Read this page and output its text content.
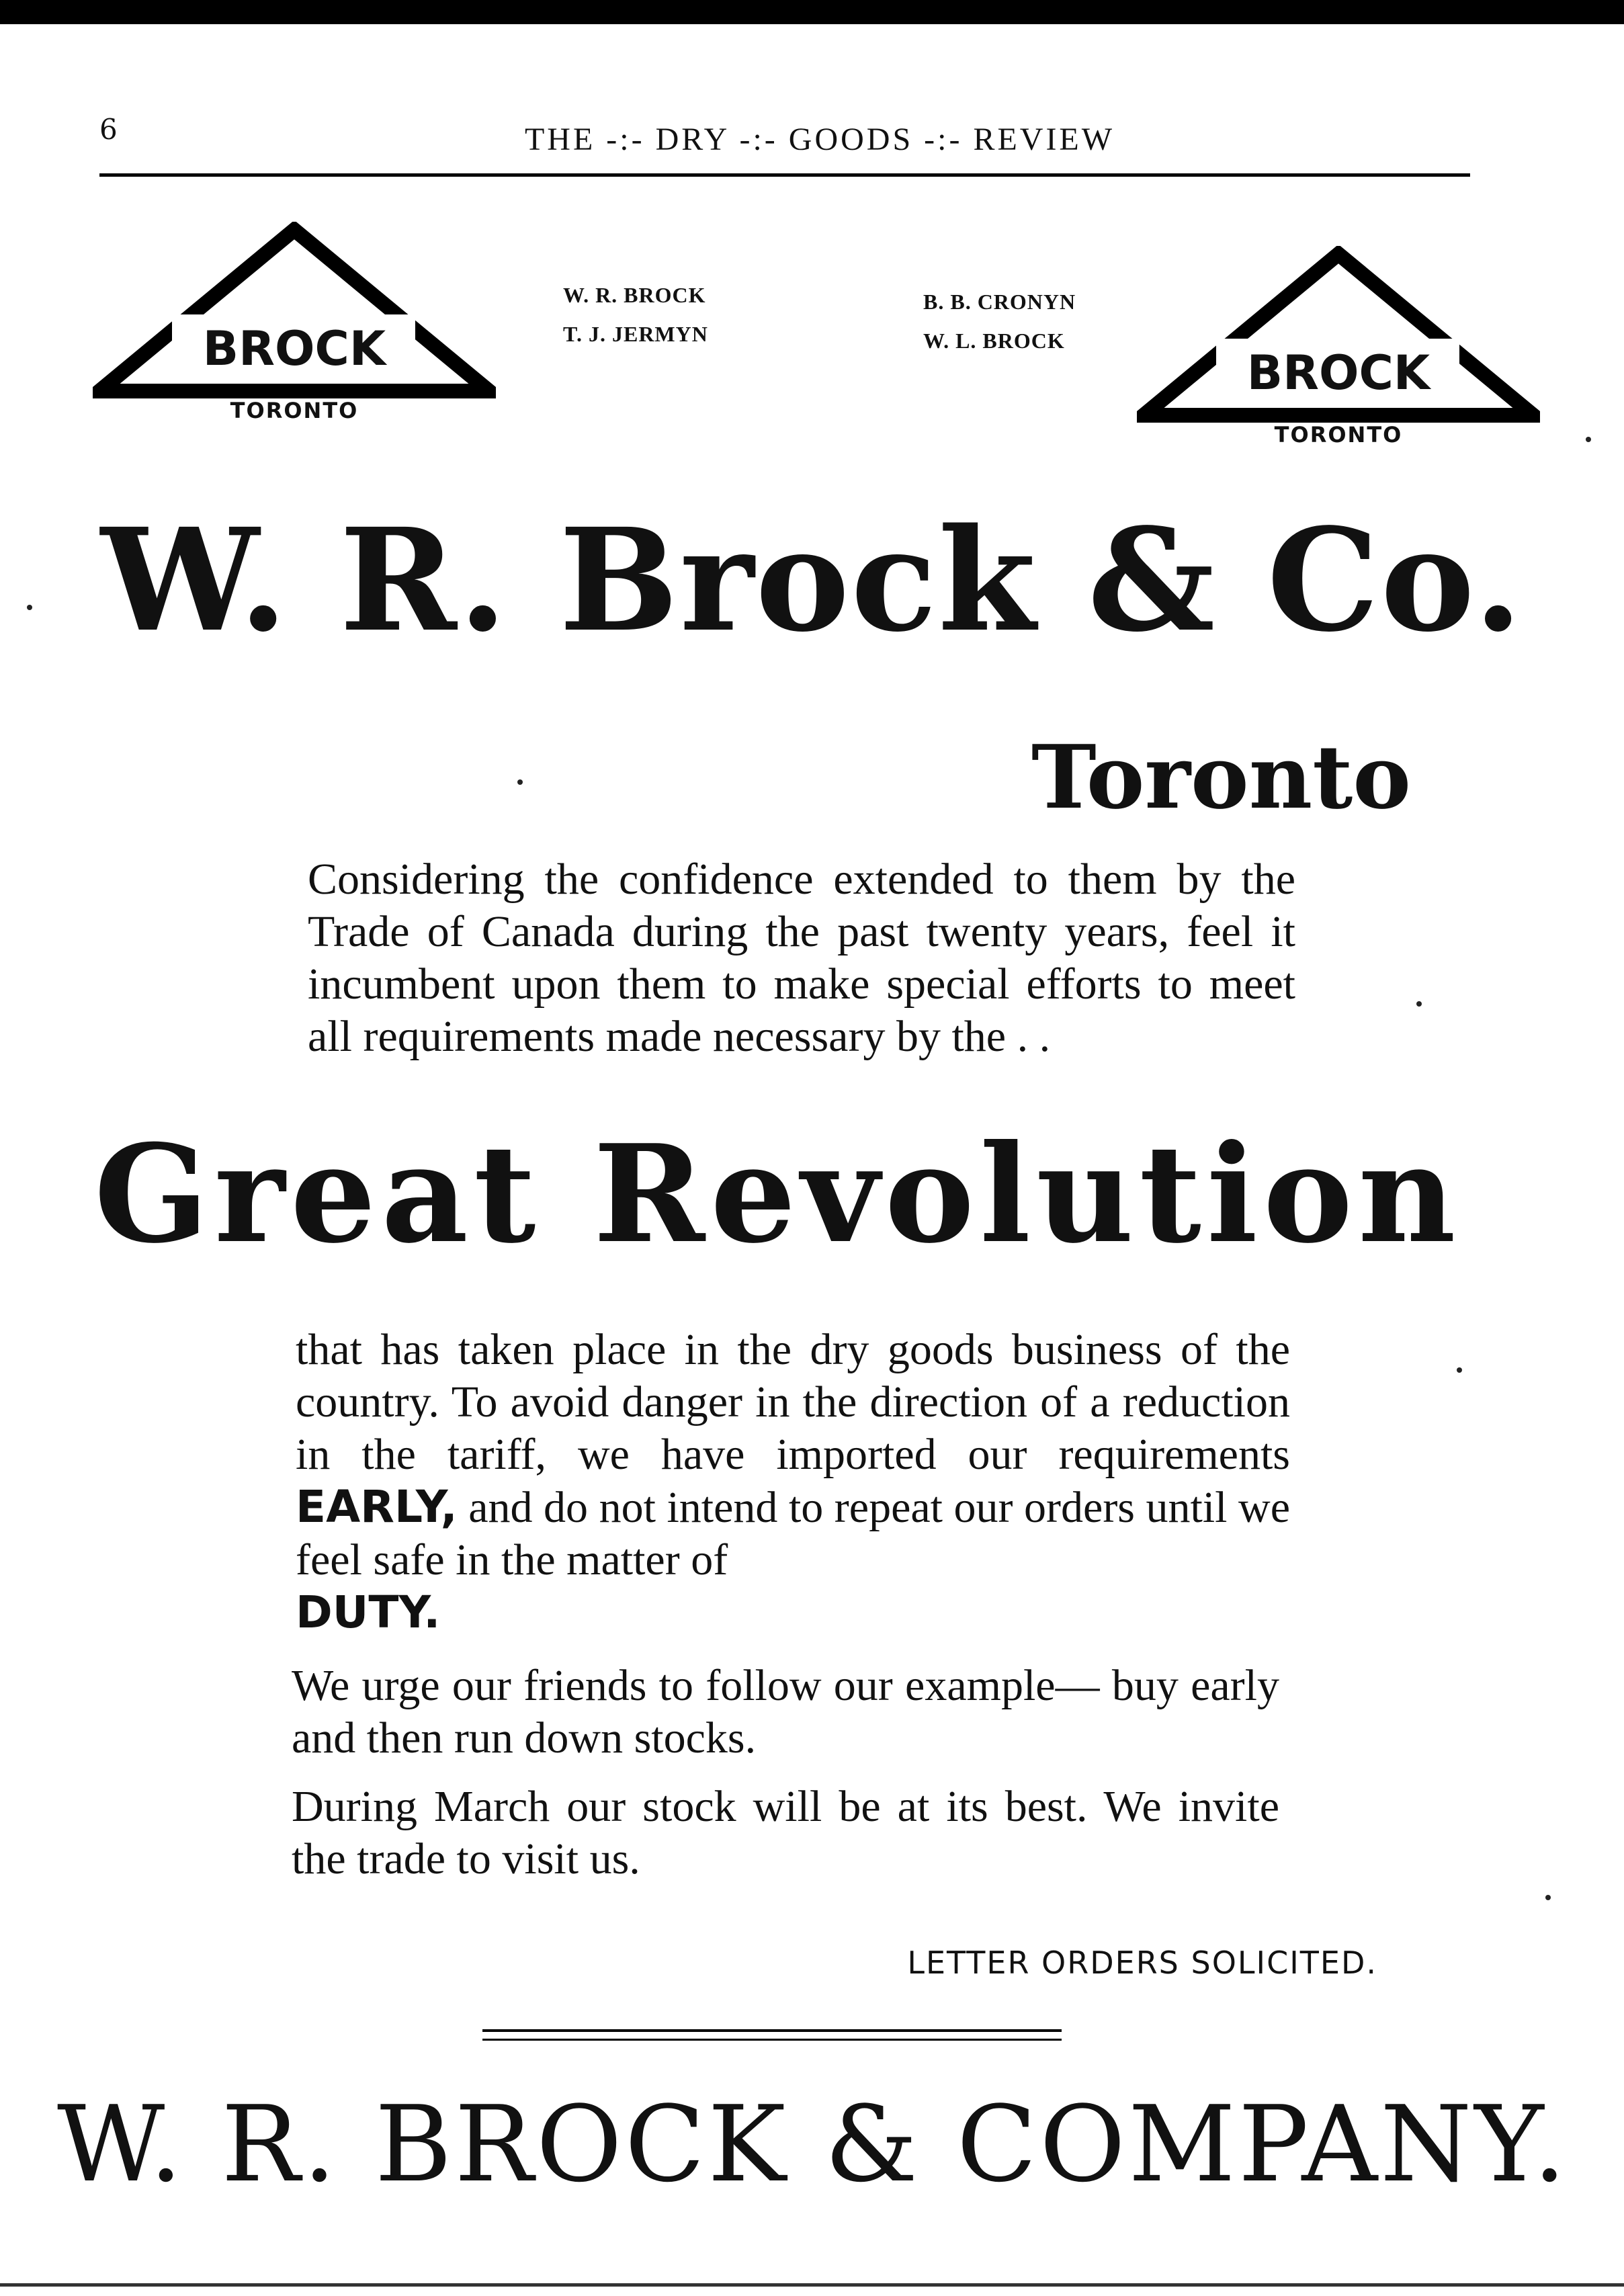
6	THE -:- DRY -:- GOODS -:- REVIEW
BROCK
TORONTO
W. R. BROCK
T. J. JERMYN
B. B. CRONYN
W. L. BROCK
BROCK
TORONTO
W. R. Brock & Co.
Toronto
Considering the confidence extended to them by the Trade of Canada during the past twenty years, feel it incumbent upon them to make special efforts to meet all requirements made necessary by the . .
Great Revolution
that has taken place in the dry goods business of the country. To avoid danger in the direction of a reduction in the tariff, we have imported our requirements EARLY, and do not intend to repeat our orders until we feel safe in the matter of
DUTY.
We urge our friends to follow our example— buy early and then run down stocks.
During March our stock will be at its best. We invite the trade to visit us.
LETTER ORDERS SOLICITED.
W. R. BROCK & COMPANY.
